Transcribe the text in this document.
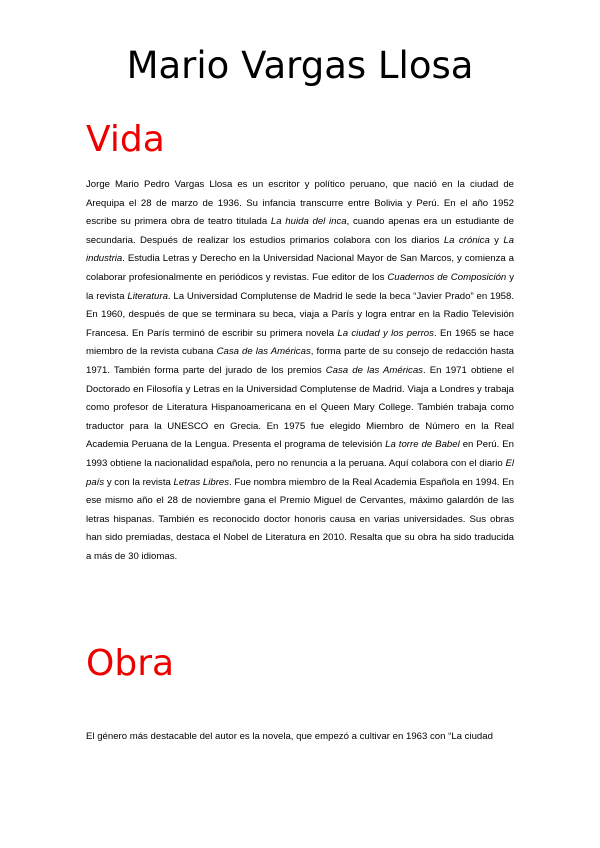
Mario Vargas Llosa
Vida

Jorge Mario Pedro Vargas Llosa es un escritor y político peruano, que nació en la ciudad de Arequipa el 28 de marzo de 1936. Su infancia transcurre entre Bolivia y Perú. En el año 1952 escribe su primera obra de teatro titulada La huida del inca, cuando apenas era un estudiante de secundaria. Después de realizar los estudios primarios colabora con los diarios La crónica y La industria. Estudia Letras y Derecho en la Universidad Nacional Mayor de San Marcos, y comienza a colaborar profesionalmente en periódicos y revistas. Fue editor de los Cuadernos de Composición y la revista Literatura. La Universidad Complutense de Madrid le sede la beca “Javier Prado” en 1958. En 1960, después de que se terminara su beca, viaja a París y logra entrar en la Radio Televisión Francesa. En París terminó de escribir su primera novela La ciudad y los perros. En 1965 se hace miembro de la revista cubana Casa de las Américas, forma parte de su consejo de redacción hasta 1971. También forma parte del jurado de los premios Casa de las Américas. En 1971 obtiene el Doctorado en Filosofía y Letras en la Universidad Complutense de Madrid. Viaja a Londres y trabaja como profesor de Literatura Hispanoamericana en el Queen Mary College. También trabaja como traductor para la UNESCO en Grecia. En 1975 fue elegido Miembro de Número en la Real Academia Peruana de la Lengua. Presenta el programa de televisión La torre de Babel en Perú. En 1993 obtiene la nacionalidad española, pero no renuncia a la peruana. Aquí colabora con el diario El país y con la revista Letras Libres. Fue nombra miembro de la Real Academia Española en 1994. En ese mismo año el 28 de noviembre gana el Premio Miguel de Cervantes, máximo galardón de las letras hispanas. También es reconocido doctor honoris causa en varias universidades. Sus obras han sido premiadas, destaca el Nobel de Literatura en 2010. Resalta que su obra ha sido traducida a más de 30 idiomas.

Obra

El género más destacable del autor es la novela, que empezó a cultivar en 1963 con “La ciudad
